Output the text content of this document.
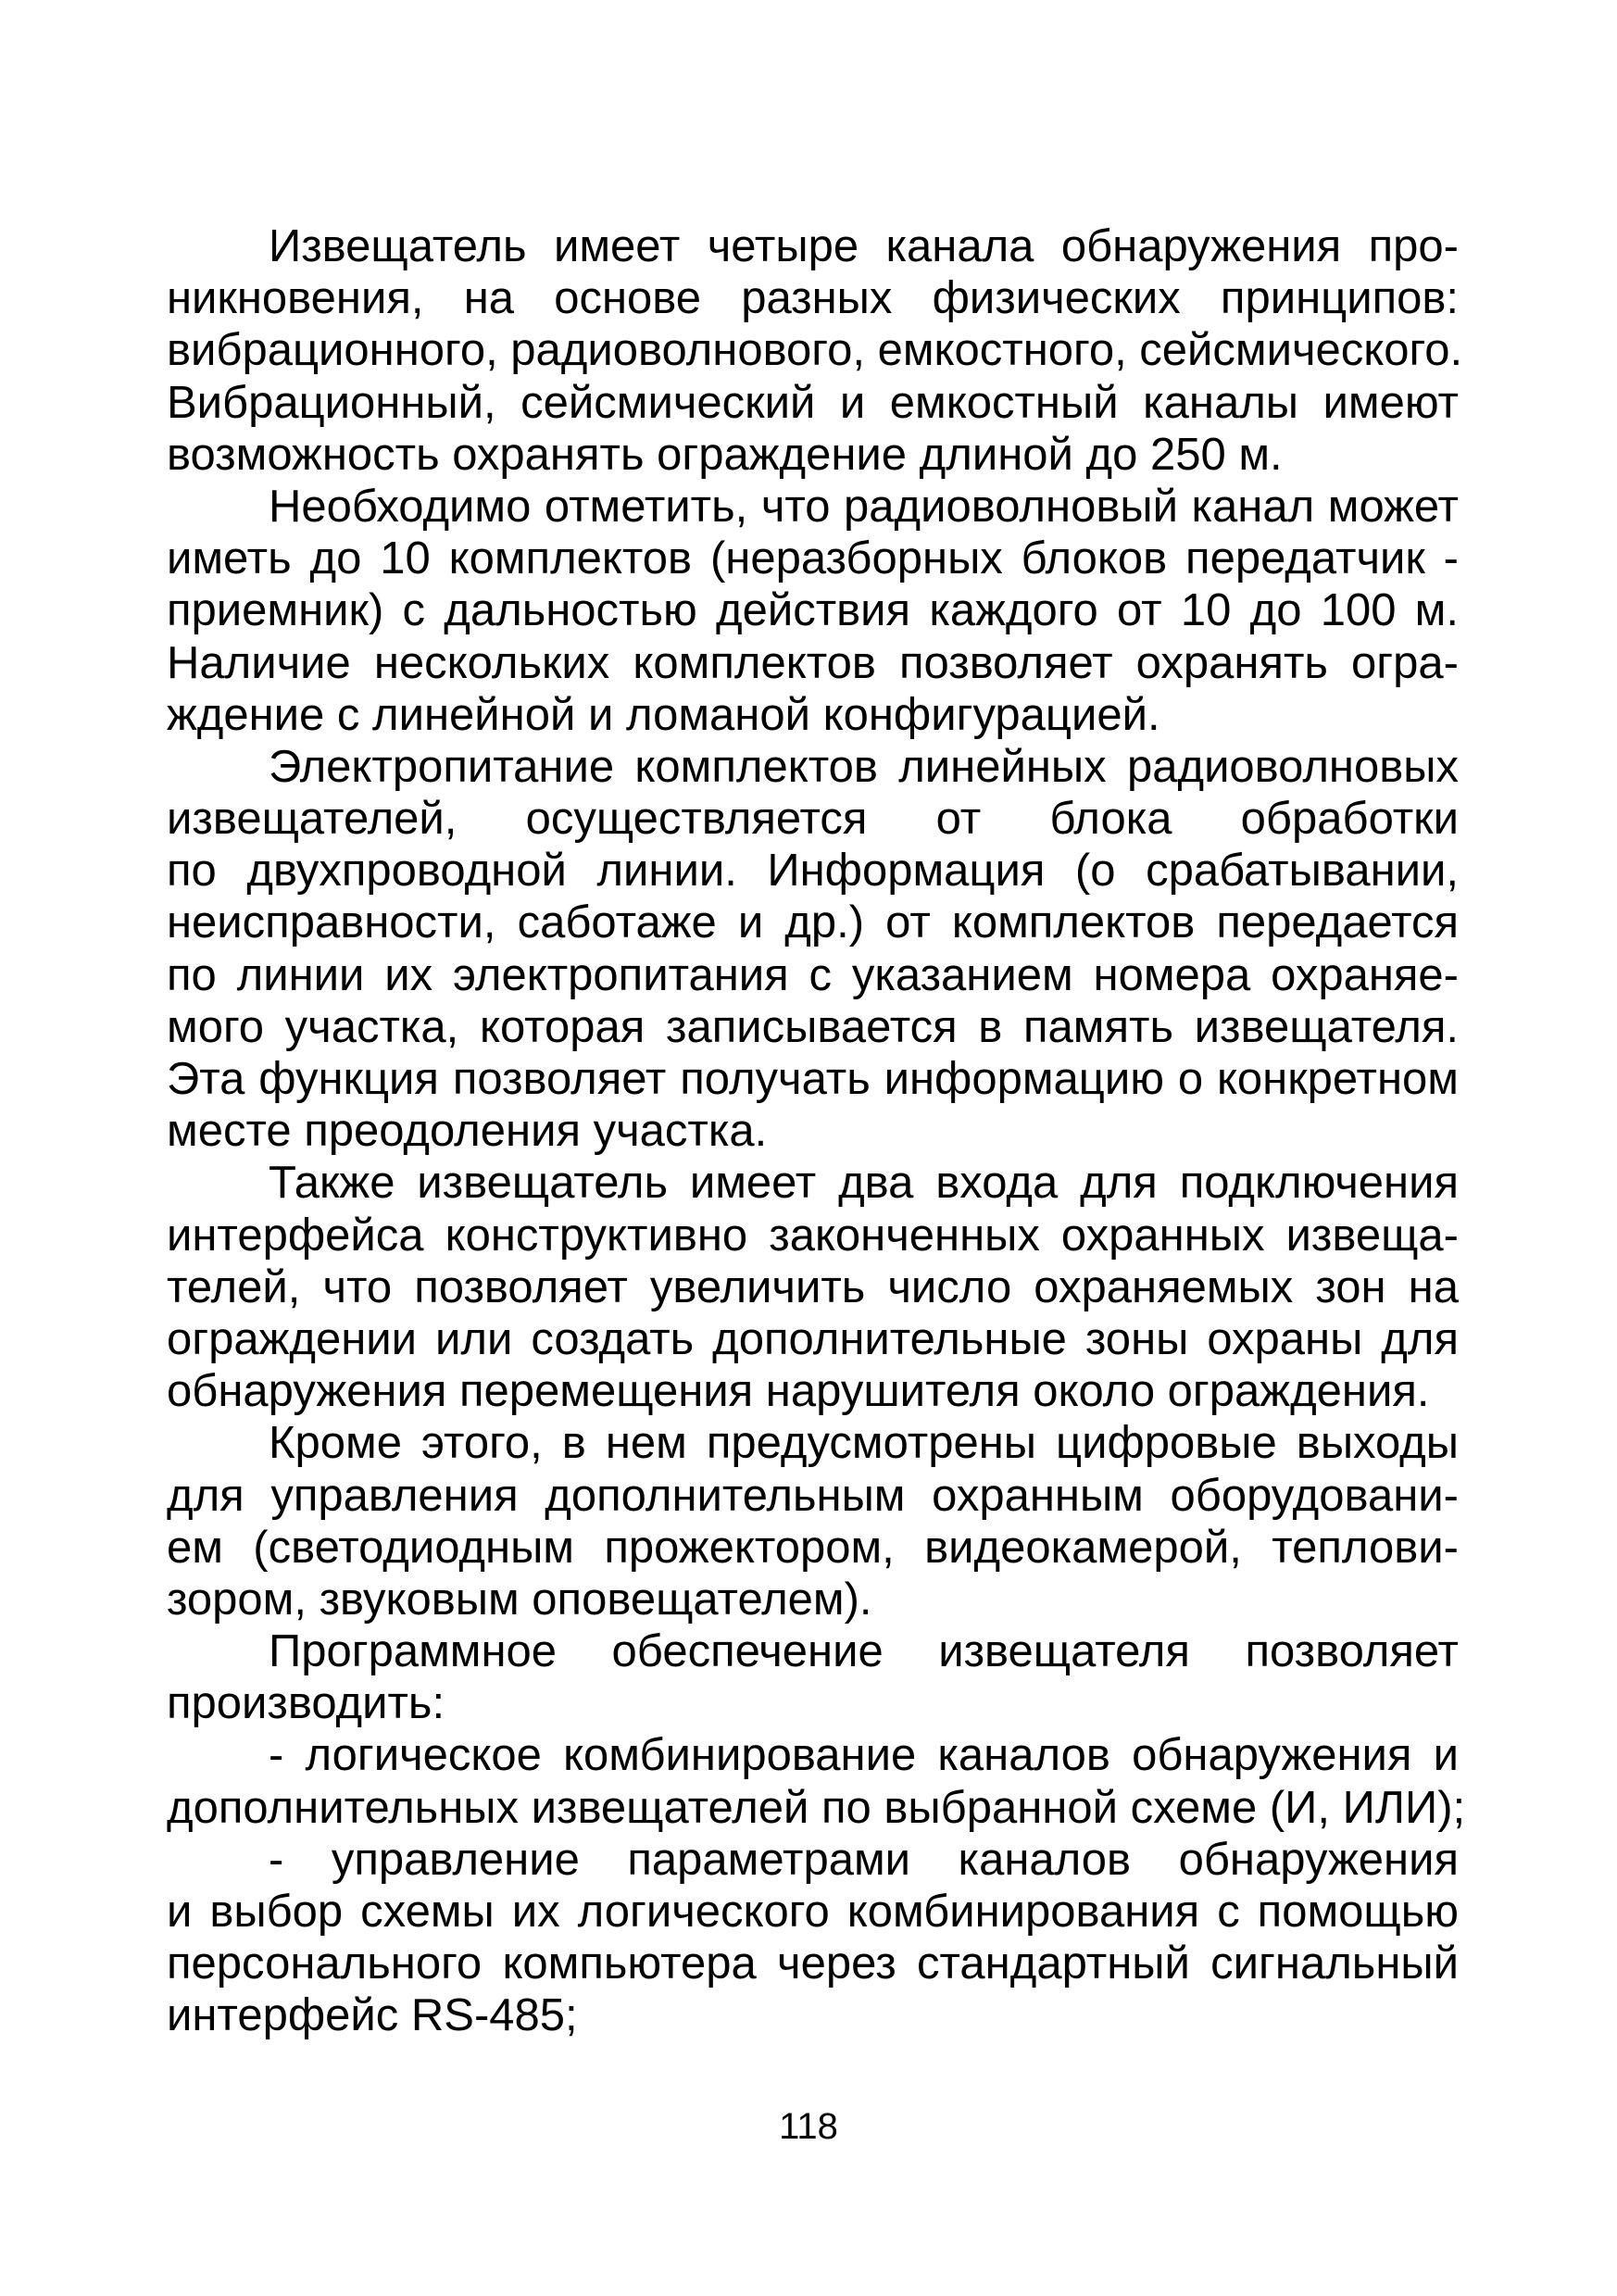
Извещатель имеет четыре канала обнаружения про-
никновения, на основе разных физических принципов:
вибрационного, радиоволнового, емкостного, сейсмического.
Вибрационный, сейсмический и емкостный каналы имеют
возможность охранять ограждение длиной до 250 м.
Необходимо отметить, что радиоволновый канал может
иметь до 10 комплектов (неразборных блоков передатчик -
приемник) с дальностью действия каждого от 10 до 100 м.
Наличие нескольких комплектов позволяет охранять огра-
ждение с линейной и ломаной конфигурацией.
Электропитание комплектов линейных радиоволновых
извещателей, осуществляется от блока обработки
по двухпроводной линии. Информация (о срабатывании,
неисправности, саботаже и др.) от комплектов передается
по линии их электропитания с указанием номера охраняе-
мого участка, которая записывается в память извещателя.
Эта функция позволяет получать информацию о конкретном
месте преодоления участка.
Также извещатель имеет два входа для подключения
интерфейса конструктивно законченных охранных извеща-
телей, что позволяет увеличить число охраняемых зон на
ограждении или создать дополнительные зоны охраны для
обнаружения перемещения нарушителя около ограждения.
Кроме этого, в нем предусмотрены цифровые выходы
для управления дополнительным охранным оборудовани-
ем (светодиодным прожектором, видеокамерой, теплови-
зором, звуковым оповещателем).
Программное обеспечение извещателя позволяет
производить:
- логическое комбинирование каналов обнаружения и
дополнительных извещателей по выбранной схеме (И, ИЛИ);
- управление параметрами каналов обнаружения
и выбор схемы их логического комбинирования с помощью
персонального компьютера через стандартный сигнальный
интерфейс RS-485;
118
